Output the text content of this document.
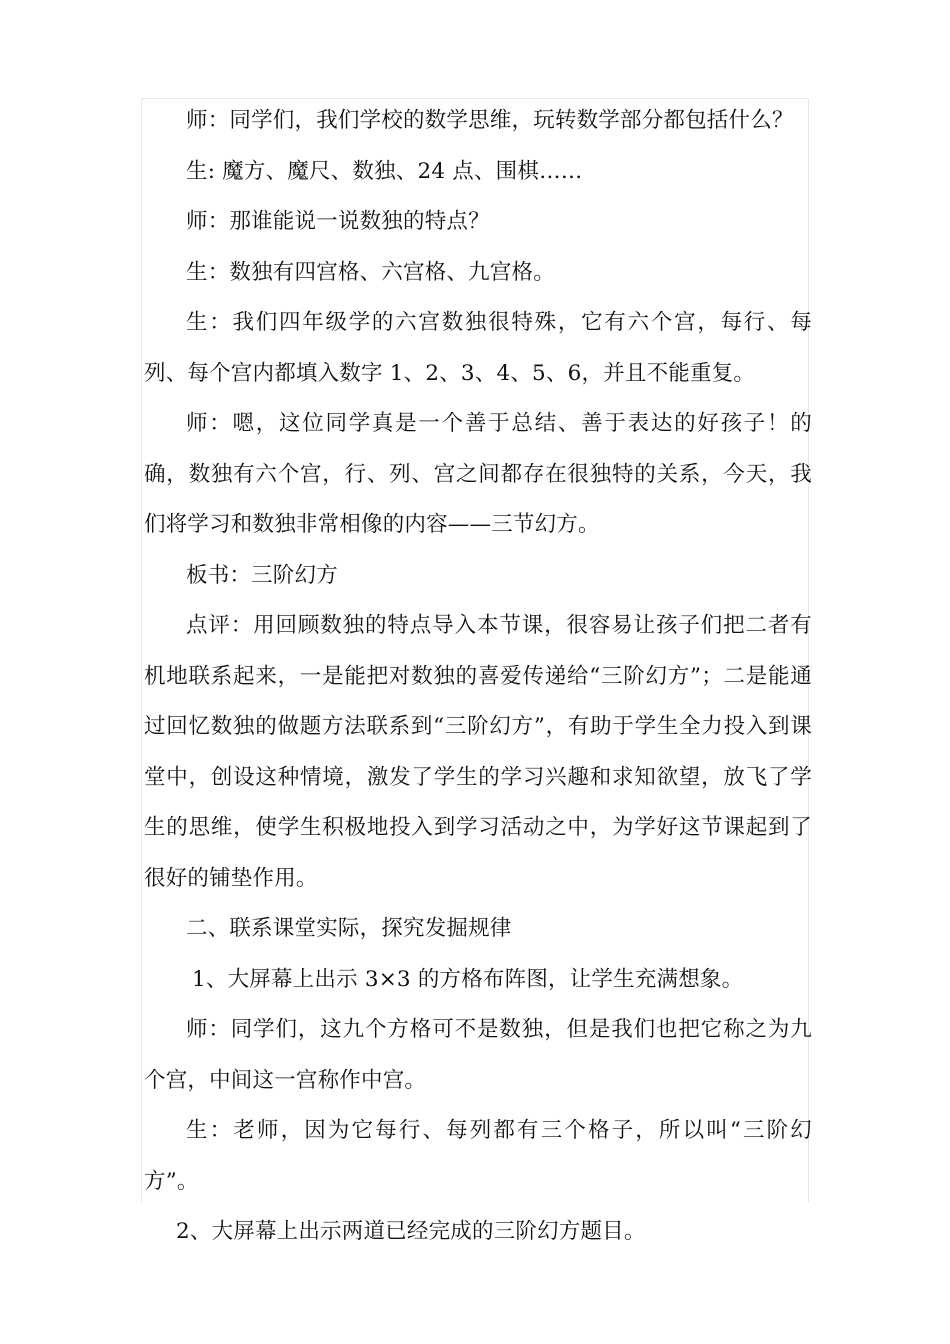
师：同学们，我们学校的数学思维，玩转数学部分都包括什么？

生: 魔方、魔尺、数独、24 点、围棋……

师：那谁能说一说数独的特点？

生：数独有四宫格、六宫格、九宫格。

生：我们四年级学的六宫数独很特殊，它有六个宫，每行、每列、每个宫内都填入数字 1、2、3、4、5、6，并且不能重复。

师：嗯，这位同学真是一个善于总结、善于表达的好孩子！的确，数独有六个宫，行、列、宫之间都存在很独特的关系，今天，我们将学习和数独非常相像的内容——三节幻方。

板书：三阶幻方

点评：用回顾数独的特点导入本节课，很容易让孩子们把二者有机地联系起来，一是能把对数独的喜爱传递给“三阶幻方”；二是能通过回忆数独的做题方法联系到“三阶幻方”，有助于学生全力投入到课堂中，创设这种情境，激发了学生的学习兴趣和求知欲望，放飞了学生的思维，使学生积极地投入到学习活动之中，为学好这节课起到了很好的铺垫作用。

二、联系课堂实际，探究发掘规律

1、大屏幕上出示 3×3 的方格布阵图，让学生充满想象。

师：同学们，这九个方格可不是数独，但是我们也把它称之为九个宫，中间这一宫称作中宫。

生：老师，因为它每行、每列都有三个格子，所以叫“三阶幻方”。

2、大屏幕上出示两道已经完成的三阶幻方题目。
